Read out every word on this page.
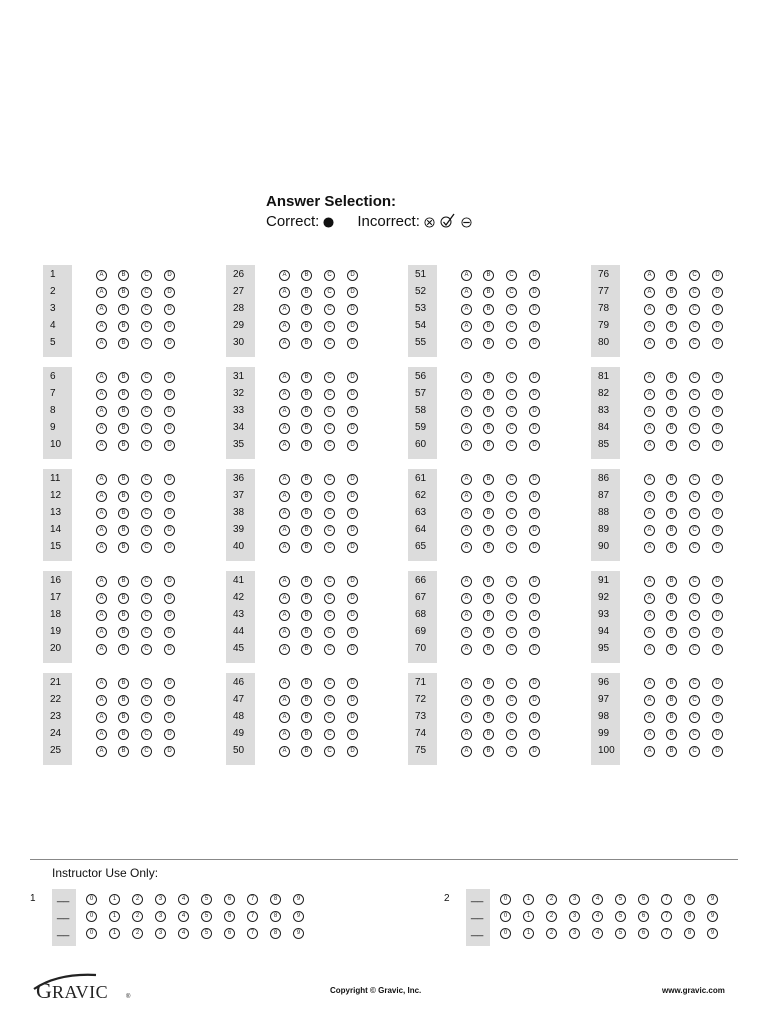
Answer Selection:
Correct:	Incorrect:
1	A	B	C	D
2	A	B	C	D
3	A	B	C	D
4	A	B	C	D
5	A	B	C	D
6	A	B	C	D
7	A	B	C	D
8	A	B	C	D
9	A	B	C	D
10	A	B	C	D
11	A	B	C	D
12	A	B	C	D
13	A	B	C	D
14	A	B	C	D
15	A	B	C	D
16	A	B	C	D
17	A	B	C	D
18	A	B	C	D
19	A	B	C	D
20	A	B	C	D
21	A	B	C	D
22	A	B	C	D
23	A	B	C	D
24	A	B	C	D
25	A	B	C	D
26	A	B	C	D
27	A	B	C	D
28	A	B	C	D
29	A	B	C	D
30	A	B	C	D
31	A	B	C	D
32	A	B	C	D
33	A	B	C	D
34	A	B	C	D
35	A	B	C	D
36	A	B	C	D
37	A	B	C	D
38	A	B	C	D
39	A	B	C	D
40	A	B	C	D
41	A	B	C	D
42	A	B	C	D
43	A	B	C	D
44	A	B	C	D
45	A	B	C	D
46	A	B	C	D
47	A	B	C	D
48	A	B	C	D
49	A	B	C	D
50	A	B	C	D
51	A	B	C	D
52	A	B	C	D
53	A	B	C	D
54	A	B	C	D
55	A	B	C	D
56	A	B	C	D
57	A	B	C	D
58	A	B	C	D
59	A	B	C	D
60	A	B	C	D
61	A	B	C	D
62	A	B	C	D
63	A	B	C	D
64	A	B	C	D
65	A	B	C	D
66	A	B	C	D
67	A	B	C	D
68	A	B	C	D
69	A	B	C	D
70	A	B	C	D
71	A	B	C	D
72	A	B	C	D
73	A	B	C	D
74	A	B	C	D
75	A	B	C	D
76	A	B	C	D
77	A	B	C	D
78	A	B	C	D
79	A	B	C	D
80	A	B	C	D
81	A	B	C	D
82	A	B	C	D
83	A	B	C	D
84	A	B	C	D
85	A	B	C	D
86	A	B	C	D
87	A	B	C	D
88	A	B	C	D
89	A	B	C	D
90	A	B	C	D
91	A	B	C	D
92	A	B	C	D
93	A	B	C	D
94	A	B	C	D
95	A	B	C	D
96	A	B	C	D
97	A	B	C	D
98	A	B	C	D
99	A	B	C	D
100	A	B	C	D
Instructor Use Only:
1 __	0	1	2	3	4	5	6	7	8	9
__	0	1	2	3	4	5	6	7	8	9
__	0	1	2	3	4	5	6	7	8	9
2 __	0	1	2	3	4	5	6	7	8	9
__	0	1	2	3	4	5	6	7	8	9
__	0	1	2	3	4	5	6	7	8	9
G RAVIC	®
Copyright © Gravic, Inc.	www.gravic.com
